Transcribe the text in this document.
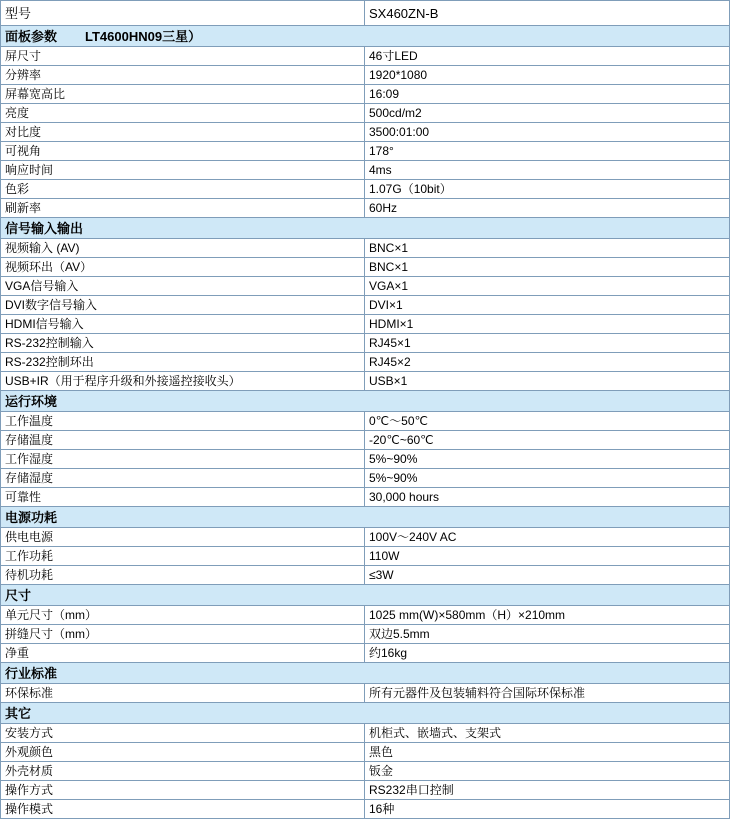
型号	SX460ZN-B
面板参数 LT4600HN09三星）	
屏尺寸	46寸LED
分辨率	1920*1080
屏幕宽高比	16:09
亮度	500cd/m2
对比度	3500:01:00
可视角	178°
响应时间	4ms
色彩	1.07G（10bit）
刷新率	60Hz
信号输入输出	
视频输入 (AV)	BNC×1
视频环出（AV）	BNC×1
VGA信号输入	VGA×1
DVI数字信号输入	DVI×1
HDMI信号输入	HDMI×1
RS-232控制输入	RJ45×1
RS-232控制环出	RJ45×2
USB+IR（用于程序升级和外接遥控接收头）	USB×1
运行环境	
工作温度	0℃～50℃
存储温度	-20℃~60℃
工作湿度	5%~90%
存储湿度	5%~90%
可靠性	30,000 hours
电源功耗	
供电电源	100V～240V AC
工作功耗	110W
待机功耗	≤3W
尺寸	
单元尺寸（mm）	1025 mm(W)×580mm（H）×210mm
拼缝尺寸（mm）	双边5.5mm
净重	约16kg
行业标准	
环保标准	所有元器件及包装辅料符合国际环保标准
其它	
安装方式	机柜式、嵌墙式、支架式
外观颜色	黑色
外壳材质	钣金
操作方式	RS232串口控制
操作模式	16种
